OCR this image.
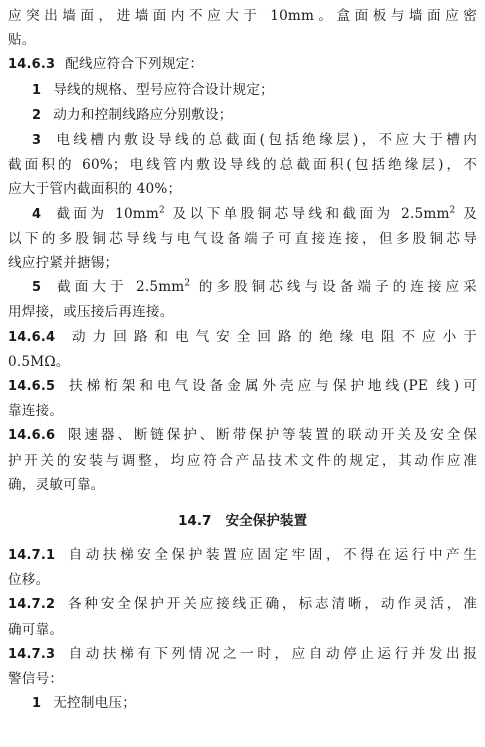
应突出墙面，进墙面内不应大于 10mm。盒面板与墙面应密
贴。
14.6.3 配线应符合下列规定：
1 导线的规格、型号应符合设计规定；
2 动力和控制线路应分别敷设；
3 电线槽内敷设导线的总截面(包括绝缘层)，不应大于槽内
截面积的 60%；电线管内敷设导线的总截面积(包括绝缘层)，不
应大于管内截面积的 40%；
4 截面为 $10mm^2$ 及以下单股铜芯导线和截面为 $2.5mm^2$ 及
以下的多股铜芯导线与电气设备端子可直接连接，但多股铜芯导
线应拧紧并搪锡；
5 截面大于 $2.5mm^2$ 的多股铜芯线与设备端子的连接应采
用焊接，或压接后再连接。
14.6.4 动力回路和电气安全回路的绝缘电阻不应小于
0.5MΩ。
14.6.5 扶梯桁架和电气设备金属外壳应与保护地线(PE 线)可
靠连接。
14.6.6 限速器、断链保护、断带保护等装置的联动开关及安全保
护开关的安装与调整，均应符合产品技术文件的规定，其动作应准
确，灵敏可靠。
14.7 安全保护装置
14.7.1 自动扶梯安全保护装置应固定牢固，不得在运行中产生
位移。
14.7.2 各种安全保护开关应接线正确，标志清晰，动作灵活，准
确可靠。
14.7.3 自动扶梯有下列情况之一时，应自动停止运行并发出报
警信号：
1 无控制电压；
